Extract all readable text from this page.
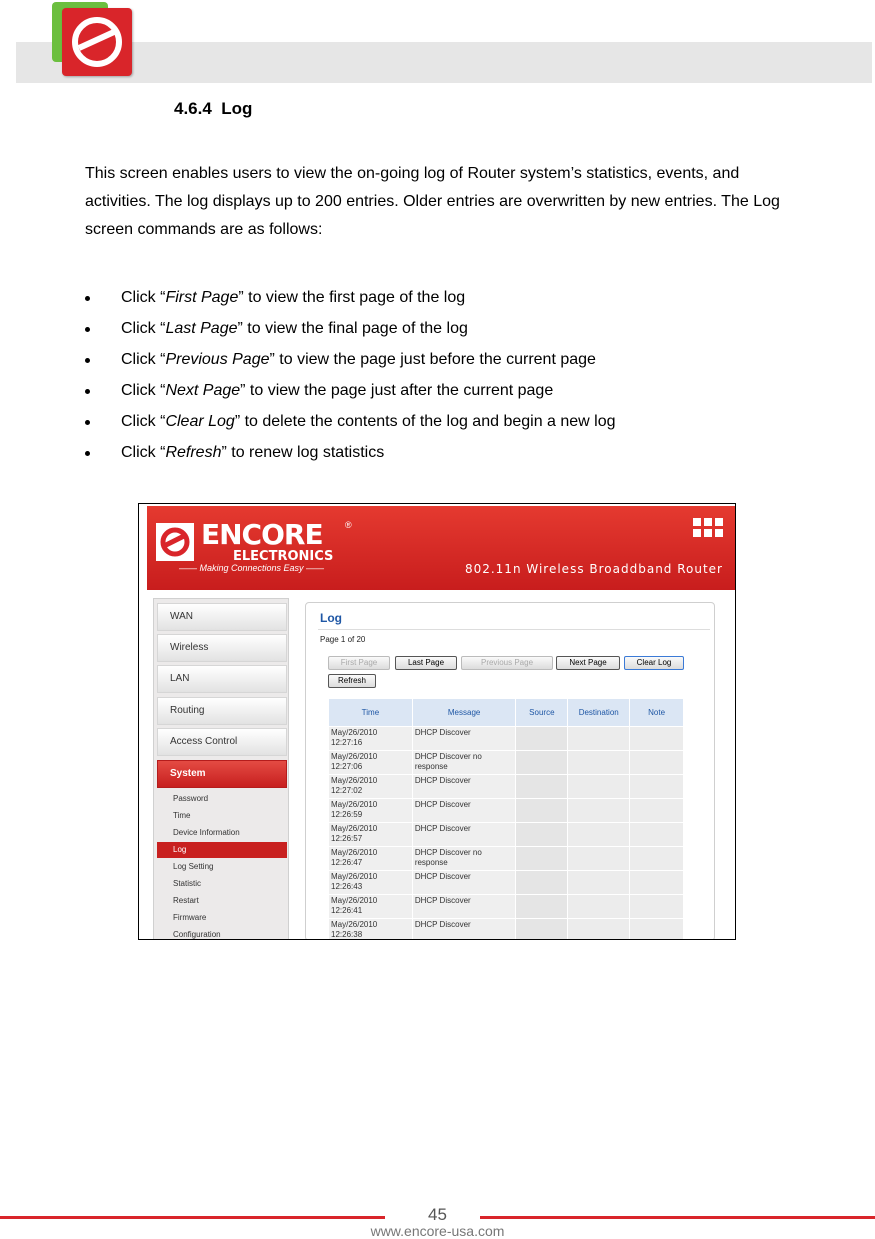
4.6.4 Log
This screen enables users to view the on-going log of Router system’s statistics, events, and activities. The log displays up to 200 entries. Older entries are overwritten by new entries. The Log screen commands are as follows:
Click “First Page” to view the first page of the log
Click “Last Page” to view the final page of the log
Click “Previous Page” to view the page just before the current page
Click “Next Page” to view the page just after the current page
Click “Clear Log” to delete the contents of the log and begin a new log
Click “Refresh” to renew log statistics
ENCORE ®
ELECTRONICS
—— Making Connections Easy ——	802.11n Wireless Broaddband Router
WAN
Wireless
LAN
Routing
Access Control
System
Password
Time
Device Information
Log
Log Setting
Statistic
Restart
Firmware
Configuration
Log
Page 1 of 20
First Page	Last Page	Previous Page	Next Page	Clear Log
Refresh
Time	Message	Source	Destination	Note
May/26/2010
12:27:16	DHCP Discover			
May/26/2010
12:27:06	DHCP Discover no response			
May/26/2010
12:27:02	DHCP Discover			
May/26/2010
12:26:59	DHCP Discover			
May/26/2010
12:26:57	DHCP Discover			
May/26/2010
12:26:47	DHCP Discover no response			
May/26/2010
12:26:43	DHCP Discover			
May/26/2010
12:26:41	DHCP Discover			
May/26/2010
12:26:38	DHCP Discover			
45
www.encore-usa.com
